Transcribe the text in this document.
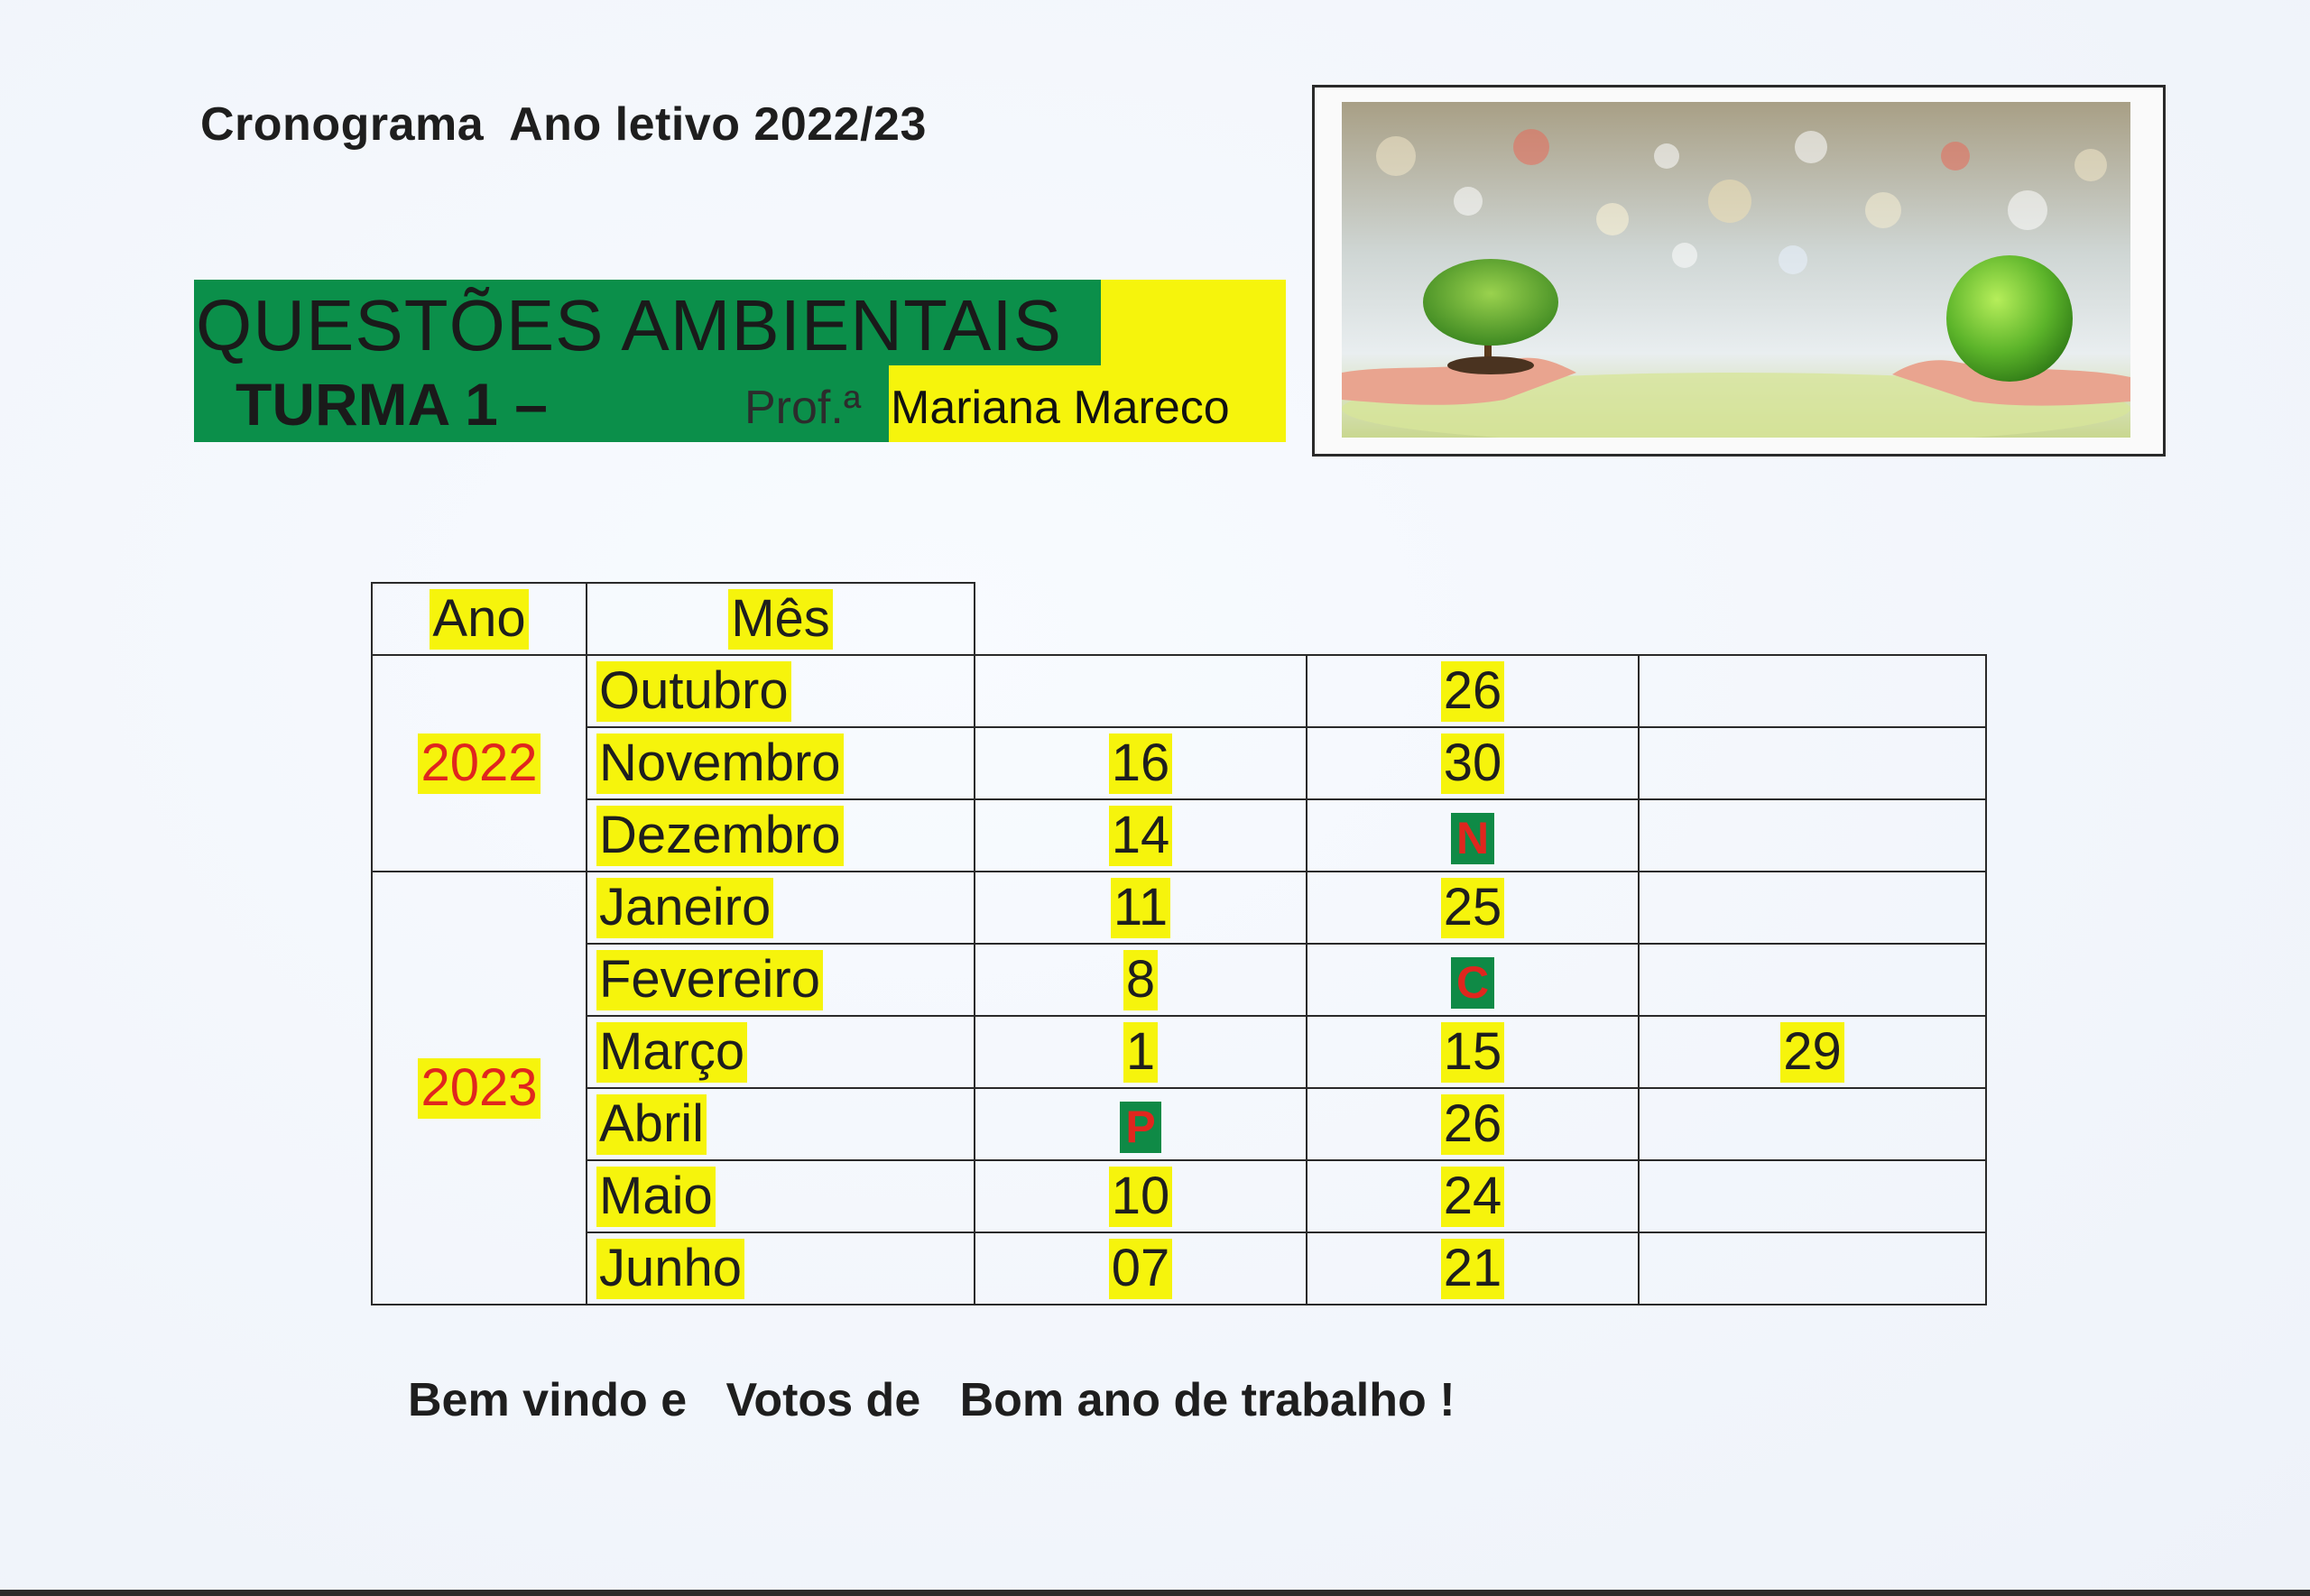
Cronograma  Ano letivo 2022/23
QUESTÕES AMBIENTAIS
TURMA 1 –	Prof.ª Mariana Mareco
Ano	Mês			
2022	Outubro		26	
	Novembro	16	30	
	Dezembro	14	N	
2023	Janeiro	11	25	
	Fevereiro	8	C	
	Março	1	15	29
	Abril	P	26	
	Maio	10	24	
	Junho	07	21	
Bem vindo e   Votos de   Bom ano de trabalho !
